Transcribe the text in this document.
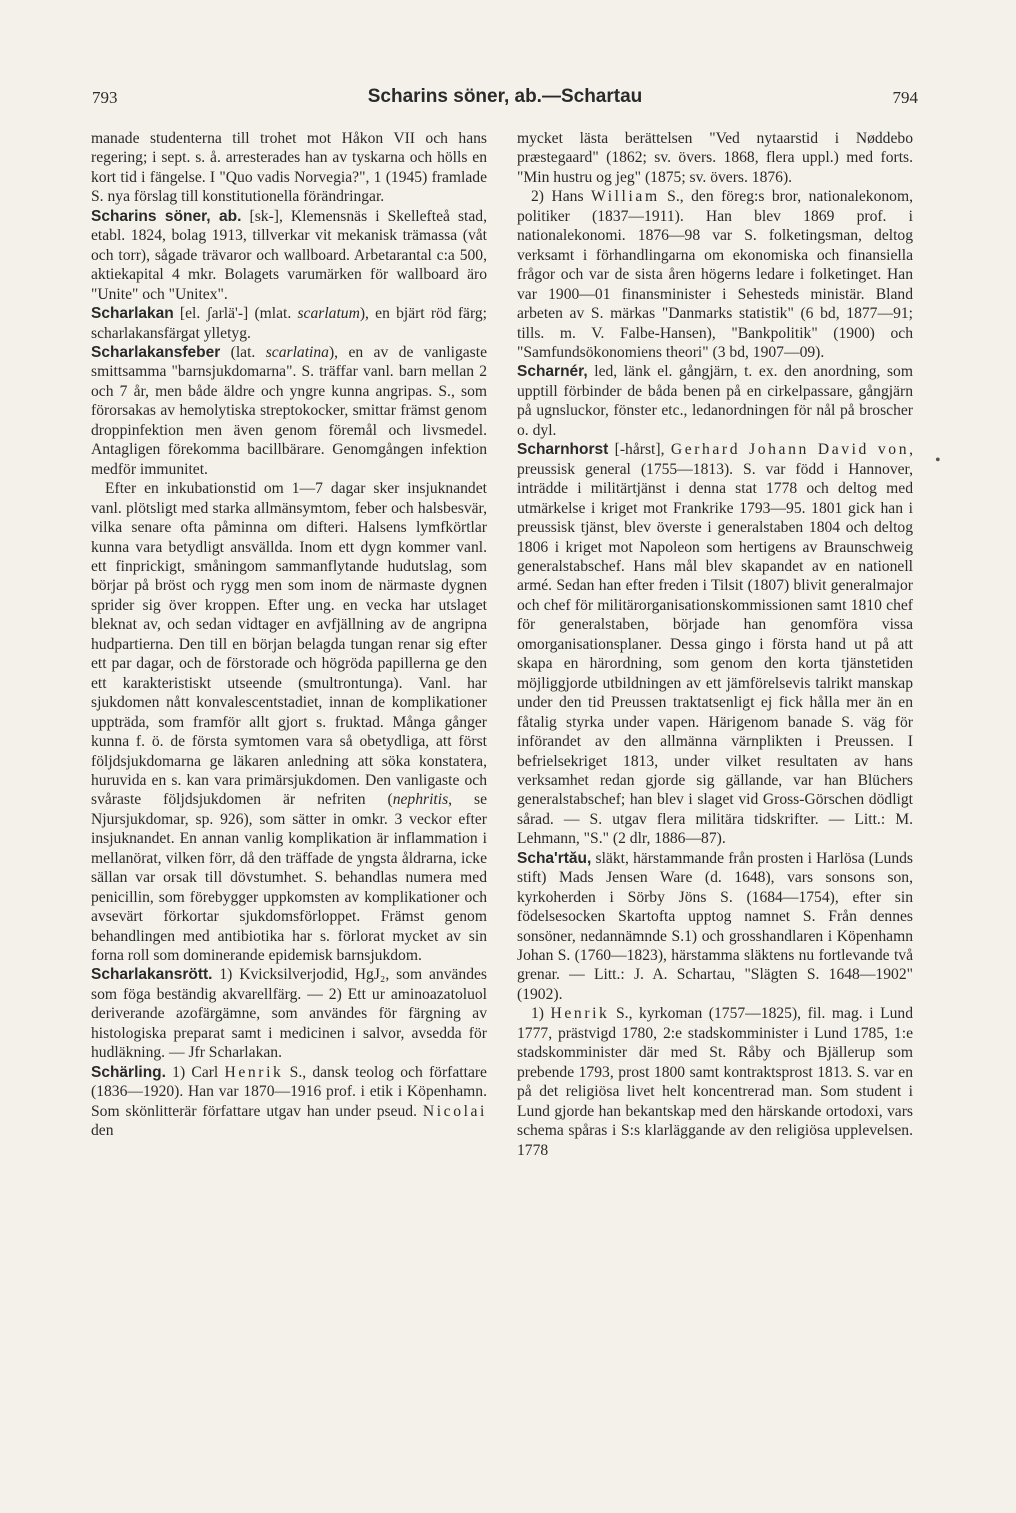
793	Scharins söner, ab.—Schartau	794

manade studenterna till trohet mot Håkon VII och hans regering; i sept. s. å. arresterades han av tyskarna och hölls en kort tid i fängelse. I "Quo vadis Norvegia?", 1 (1945) framlade S. nya förslag till konstitutionella förändringar.

Scharins söner, ab. [sk-], Klemensnäs i Skellefteå stad, etabl. 1824, bolag 1913, tillverkar vit mekanisk trämassa (våt och torr), sågade trävaror och wallboard. Arbetarantal c:a 500, aktiekapital 4 mkr. Bolagets varumärken för wallboard äro "Unite" och "Unitex".

Scharlakan [el. ʃarlä'-] (mlat. scarlatum), en bjärt röd färg; scharlakansfärgat ylletyg.

Scharlakansfeber (lat. scarlatina), en av de vanligaste smittsamma "barnsjukdomarna". S. träffar vanl. barn mellan 2 och 7 år, men både äldre och yngre kunna angripas. S., som förorsakas av hemolytiska streptokocker, smittar främst genom droppinfektion men även genom föremål och livsmedel. Antagligen förekomma bacillbärare. Genomgången infektion medför immunitet.

Efter en inkubationstid om 1—7 dagar sker insjuknandet vanl. plötsligt med starka allmänsymtom, feber och halsbesvär, vilka senare ofta påminna om difteri. Halsens lymfkörtlar kunna vara betydligt ansvällda. Inom ett dygn kommer vanl. ett finprickigt, småningom sammanflytande hudutslag, som börjar på bröst och rygg men som inom de närmaste dygnen sprider sig över kroppen. Efter ung. en vecka har utslaget bleknat av, och sedan vidtager en avfjällning av de angripna hudpartierna. Den till en början belagda tungan renar sig efter ett par dagar, och de förstorade och högröda papillerna ge den ett karakteristiskt utseende (smultrontunga). Vanl. har sjukdomen nått konvalescentstadiet, innan de komplikationer uppträda, som framför allt gjort s. fruktad. Många gånger kunna f. ö. de första symtomen vara så obetydliga, att först följdsjukdomarna ge läkaren anledning att söka konstatera, huruvida en s. kan vara primärsjukdomen. Den vanligaste och svåraste följdsjukdomen är nefriten (nephritis, se Njursjukdomar, sp. 926), som sätter in omkr. 3 veckor efter insjuknandet. En annan vanlig komplikation är inflammation i mellanörat, vilken förr, då den träffade de yngsta åldrarna, icke sällan var orsak till dövstumhet. S. behandlas numera med penicillin, som förebygger uppkomsten av komplikationer och avsevärt förkortar sjukdomsförloppet. Främst genom behandlingen med antibiotika har s. förlorat mycket av sin forna roll som dominerande epidemisk barnsjukdom.

Scharlakansrött. 1) Kvicksilverjodid, HgJ₂, som användes som föga beständig akvarellfärg. — 2) Ett ur aminoazatoluol deriverande azofärgämne, som användes för färgning av histologiska preparat samt i medicinen i salvor, avsedda för hudläkning. — Jfr Scharlakan.

Schärling. 1) Carl Henrik S., dansk teolog och författare (1836—1920). Han var 1870—1916 prof. i etik i Köpenhamn. Som skönlitterär författare utgav han under pseud. Nicolai den

mycket lästa berättelsen "Ved nytaarstid i Nøddebo præstegaard" (1862; sv. övers. 1868, flera uppl.) med forts. "Min hustru og jeg" (1875; sv. övers. 1876).

2) Hans William S., den föreg:s bror, nationalekonom, politiker (1837—1911). Han blev 1869 prof. i nationalekonomi. 1876—98 var S. folketingsman, deltog verksamt i förhandlingarna om ekonomiska och finansiella frågor och var de sista åren högerns ledare i folketinget. Han var 1900—01 finansminister i Sehesteds ministär. Bland arbeten av S. märkas "Danmarks statistik" (6 bd, 1877—91; tills. m. V. Falbe-Hansen), "Bankpolitik" (1900) och "Samfundsökonomiens theori" (3 bd, 1907—09).

Scharnér, led, länk el. gångjärn, t. ex. den anordning, som upptill förbinder de båda benen på en cirkelpassare, gångjärn på ugnsluckor, fönster etc., ledanordningen för nål på broscher o. dyl.

Scharnhorst [-hårst], Gerhard Johann David von, preussisk general (1755—1813). S. var född i Hannover, inträdde i militärtjänst i denna stat 1778 och deltog med utmärkelse i kriget mot Frankrike 1793—95. 1801 gick han i preussisk tjänst, blev överste i generalstaben 1804 och deltog 1806 i kriget mot Napoleon som hertigens av Braunschweig generalstabschef. Hans mål blev skapandet av en nationell armé. Sedan han efter freden i Tilsit (1807) blivit generalmajor och chef för militärorganisationskommissionen samt 1810 chef för generalstaben, började han genomföra vissa omorganisationsplaner. Dessa gingo i första hand ut på att skapa en härordning, som genom den korta tjänstetiden möjliggjorde utbildningen av ett jämförelsevis talrikt manskap under den tid Preussen traktatsenligt ej fick hålla mer än en fåtalig styrka under vapen. Härigenom banade S. väg för införandet av den allmänna värnplikten i Preussen. I befrielsekriget 1813, under vilket resultaten av hans verksamhet redan gjorde sig gällande, var han Blüchers generalstabschef; han blev i slaget vid Gross-Görschen dödligt sårad. — S. utgav flera militära tidskrifter. — Litt.: M. Lehmann, "S." (2 dlr, 1886—87).

Scha'rtău, släkt, härstammande från prosten i Harlösa (Lunds stift) Mads Jensen Ware (d. 1648), vars sonsons son, kyrkoherden i Sörby Jöns S. (1684—1754), efter sin födelsesocken Skartofta upptog namnet S. Från dennes sonsöner, nedannämnde S.1) och grosshandlaren i Köpenhamn Johan S. (1760—1823), härstamma släktens nu fortlevande två grenar. — Litt.: J. A. Schartau, "Slägten S. 1648—1902" (1902).

1) Henrik S., kyrkoman (1757—1825), fil. mag. i Lund 1777, prästvigd 1780, 2:e stadskomminister i Lund 1785, 1:e stadskomminister där med St. Råby och Bjällerup som prebende 1793, prost 1800 samt kontraktsprost 1813. S. var en på det religiösa livet helt koncentrerad man. Som student i Lund gjorde han bekantskap med den härskande ortodoxi, vars schema spåras i S:s klarläggande av den religiösa upplevelsen. 1778

•
